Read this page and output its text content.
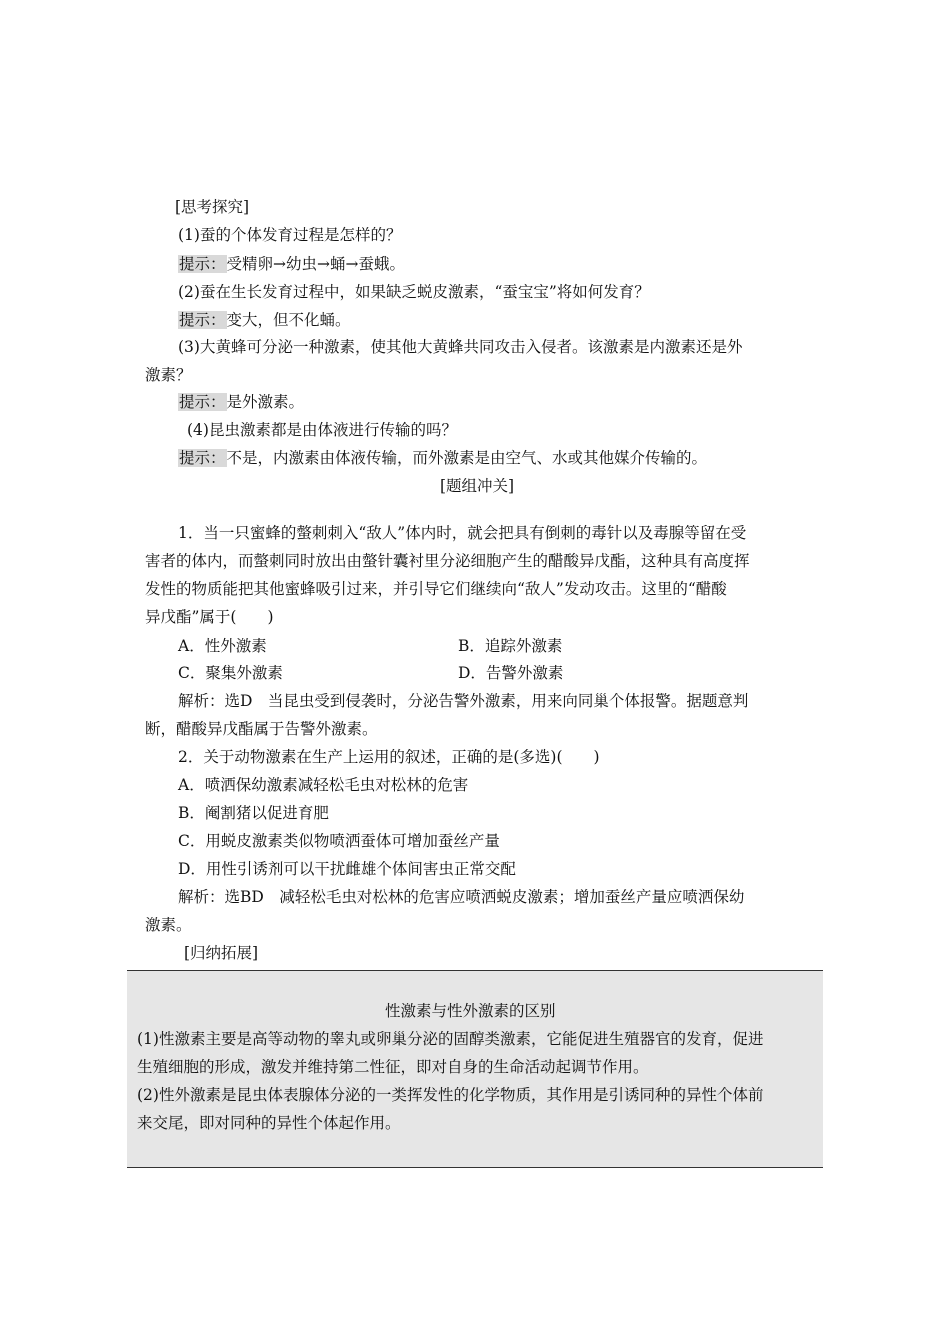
[思考探究]
(1)蚕的个体发育过程是怎样的？
提示：受精卵→幼虫→蛹→蚕蛾。
(2)蚕在生长发育过程中，如果缺乏蜕皮激素，“蚕宝宝”将如何发育？
提示：变大，但不化蛹。
(3)大黄蜂可分泌一种激素，使其他大黄蜂共同攻击入侵者。该激素是内激素还是外
激素？
提示：是外激素。
(4)昆虫激素都是由体液进行传输的吗？
提示：不是，内激素由体液传输，而外激素是由空气、水或其他媒介传输的。
[题组冲关]
1．当一只蜜蜂的螫刺刺入“敌人”体内时，就会把具有倒刺的毒针以及毒腺等留在受
害者的体内，而螫刺同时放出由螫针囊衬里分泌细胞产生的醋酸异戊酯，这种具有高度挥
发性的物质能把其他蜜蜂吸引过来，并引导它们继续向“敌人”发动攻击。这里的“醋酸
异戊酯”属于(　　)
A．性外激素	B．追踪外激素
C．聚集外激素	D．告警外激素
解析：选D　当昆虫受到侵袭时，分泌告警外激素，用来向同巢个体报警。据题意判
断，醋酸异戊酯属于告警外激素。
2．关于动物激素在生产上运用的叙述，正确的是(多选)(　　)
A．喷洒保幼激素减轻松毛虫对松林的危害
B．阉割猪以促进育肥
C．用蜕皮激素类似物喷洒蚕体可增加蚕丝产量
D．用性引诱剂可以干扰雌雄个体间害虫正常交配
解析：选BD　减轻松毛虫对松林的危害应喷洒蜕皮激素；增加蚕丝产量应喷洒保幼
激素。
[归纳拓展]
性激素与性外激素的区别
(1)性激素主要是高等动物的睾丸或卵巢分泌的固醇类激素，它能促进生殖器官的发育，促进
生殖细胞的形成，激发并维持第二性征，即对自身的生命活动起调节作用。
(2)性外激素是昆虫体表腺体分泌的一类挥发性的化学物质，其作用是引诱同种的异性个体前
来交尾，即对同种的异性个体起作用。
